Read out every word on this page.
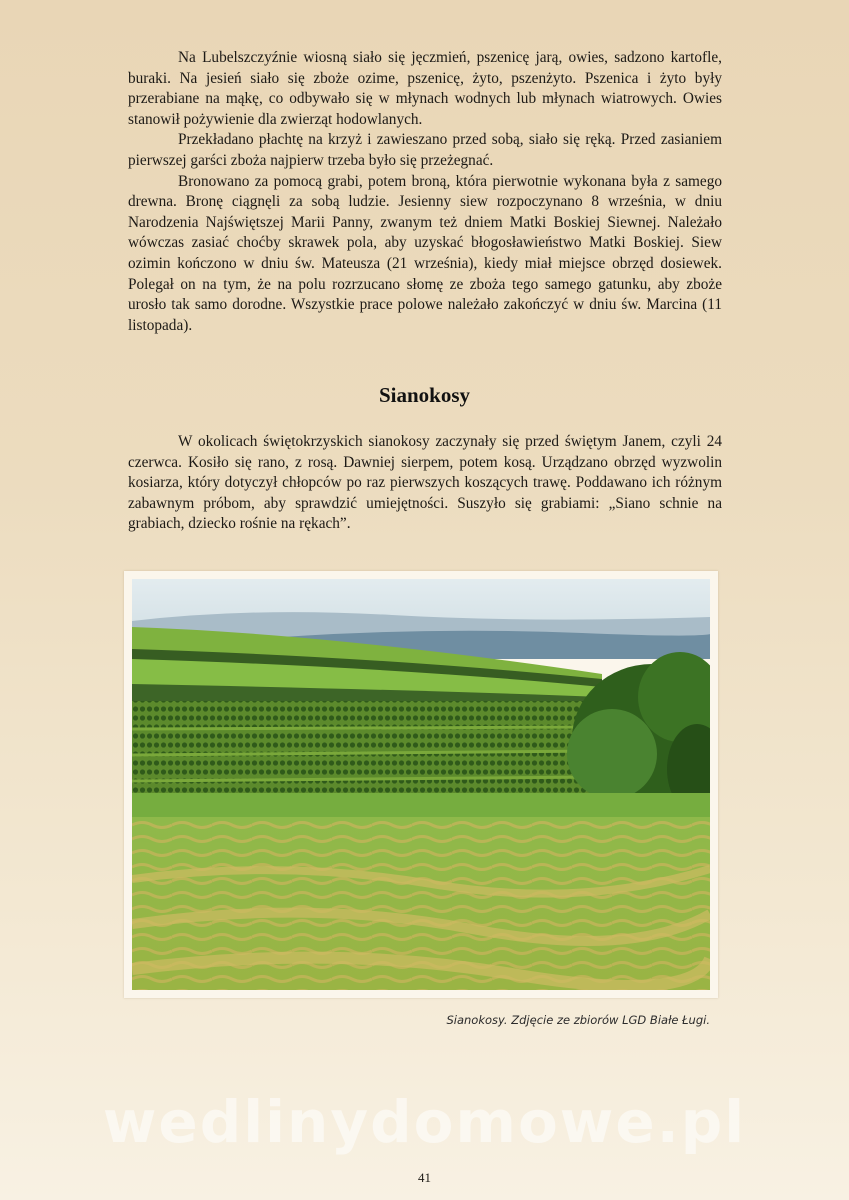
Na Lubelszczyźnie wiosną siało się jęczmień, pszenicę jarą, owies, sadzono kartofle, buraki. Na jesień siało się zboże ozime, pszenicę, żyto, pszenżyto. Pszenica i żyto były przerabiane na mąkę, co odbywało się w młynach wodnych lub młynach wiatrowych. Owies stanowił pożywienie dla zwierząt hodowlanych.

Przekładano płachtę na krzyż i zawieszano przed sobą, siało się ręką. Przed zasianiem pierwszej garści zboża najpierw trzeba było się przeżegnać.

Bronowano za pomocą grabi, potem broną, która pierwotnie wykonana była z samego drewna. Bronę ciągnęli za sobą ludzie. Jesienny siew rozpoczynano 8 września, w dniu Narodzenia Najświętszej Marii Panny, zwanym też dniem Matki Boskiej Siewnej. Należało wówczas zasiać choćby skrawek pola, aby uzyskać błogosławieństwo Matki Boskiej. Siew ozimin kończono w dniu św. Mateusza (21 września), kiedy miał miejsce obrzęd dosiewek. Polegał on na tym, że na polu rozrzucano słomę ze zboża tego samego gatunku, aby zboże urosło tak samo dorodne. Wszystkie prace polowe należało zakończyć w dniu św. Marcina (11 listopada).

Sianokosy

W okolicach świętokrzyskich sianokosy zaczynały się przed świętym Janem, czyli 24 czerwca. Kosiło się rano, z rosą. Dawniej sierpem, potem kosą. Urządzano obrzęd wyzwolin kosiarza, który dotyczył chłopców po raz pierwszych koszących trawę. Poddawano ich różnym zabawnym próbom, aby sprawdzić umiejętności. Suszyło się grabiami: „Siano schnie na grabiach, dziecko rośnie na rękach”.

Sianokosy. Zdjęcie ze zbiorów LGD Białe Ługi.
wedlinydomowe.pl
41
